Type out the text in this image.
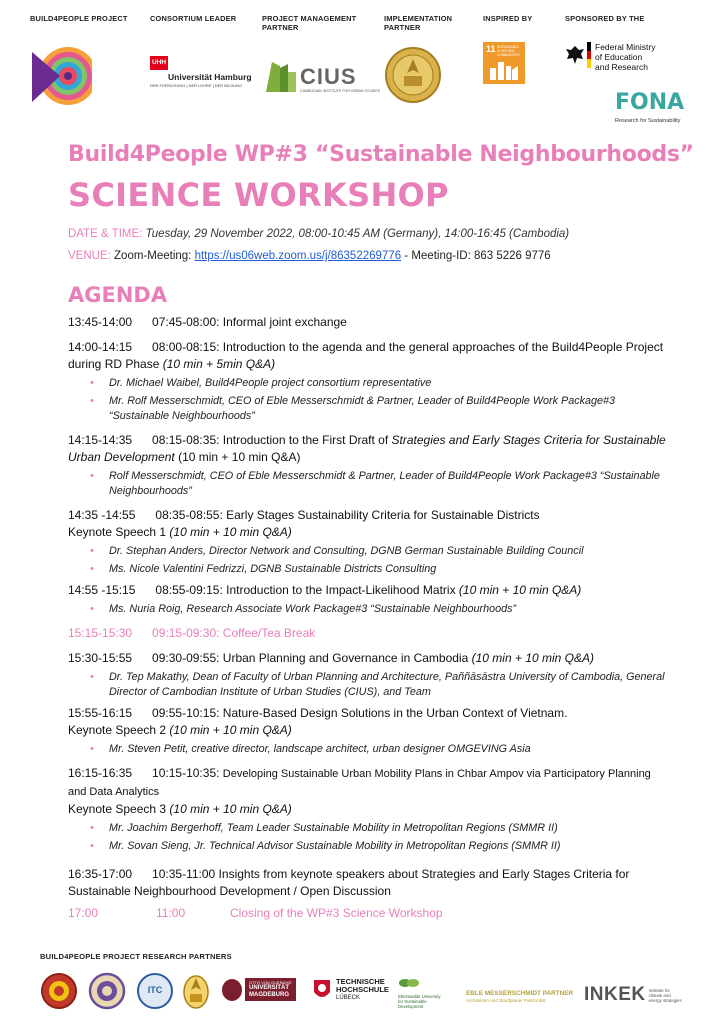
BUILD4PEOPLE PROJECT	CONSORTIUM LEADER
UHH
Universität Hamburg
DER FORSCHUNG | DER LEHRE | DER BILDUNG
PROJECT MANAGEMENT
PARTNER
CIUS
CAMBODIAN INSTITUTE FOR URBAN STUDIES
IMPLEMENTATION
PARTNER
INSPIRED BY
11 SUSTAINABLE CITIES AND COMMUNITIES
SPONSORED BY THE
Federal Ministry
of Education
and Research
FONA
Research for Sustainability
Build4People WP#3 “Sustainable Neighbourhoods”
SCIENCE WORKSHOP
DATE & TIME: Tuesday, 29 November 2022, 08:00-10:45 AM (Germany), 14:00-16:45 (Cambodia)
VENUE: Zoom-Meeting: https://us06web.zoom.us/j/86352269776 - Meeting-ID: 863 5226 9776
AGENDA
13:45-14:00      07:45-08:00: Informal joint exchange
14:00-14:15      08:00-08:15: Introduction to the agenda and the general approaches of the Build4People Project during RD Phase (10 min + 5min Q&A)
• Dr. Michael Waibel, Build4People project consortium representative
• Mr. Rolf Messerschmidt, CEO of Eble Messerschmidt & Partner, Leader of Build4People Work Package#3 “Sustainable Neighbourhoods”
14:15-14:35      08:15-08:35: Introduction to the First Draft of Strategies and Early Stages Criteria for Sustainable Urban Development (10 min + 10 min Q&A)
• Rolf Messerschmidt, CEO of Eble Messerschmidt & Partner, Leader of Build4People Work Package#3 “Sustainable Neighbourhoods”
14:35 -14:55      08:35-08:55: Early Stages Sustainability Criteria for Sustainable Districts
Keynote Speech 1 (10 min + 10 min Q&A)
• Dr. Stephan Anders, Director Network and Consulting, DGNB German Sustainable Building Council
• Ms. Nicole Valentini Fedrizzi, DGNB Sustainable Districts Consulting
14:55 -15:15      08:55-09:15: Introduction to the Impact-Likelihood Matrix (10 min + 10 min Q&A)
• Ms. Nuria Roig, Research Associate Work Package#3 “Sustainable Neighbourhoods”
15:15-15:30      09:15-09:30: Coffee/Tea Break
15:30-15:55      09:30-09:55: Urban Planning and Governance in Cambodia (10 min + 10 min Q&A)
• Dr. Tep Makathy, Dean of Faculty of Urban Planning and Architecture, Paññāsāstra University of Cambodia, General Director of Cambodian Institute of Urban Studies (CIUS), and Team
15:55-16:15      09:55-10:15: Nature-Based Design Solutions in the Urban Context of Vietnam.
Keynote Speech 2 (10 min + 10 min Q&A)
• Mr. Steven Petit, creative director, landscape architect, urban designer OMGEVING Asia
16:15-16:35      10:15-10:35: Developing Sustainable Urban Mobility Plans in Chbar Ampov via Participatory Planning and Data Analytics
Keynote Speech 3 (10 min + 10 min Q&A)
• Mr. Joachim Bergerhoff, Team Leader Sustainable Mobility in Metropolitan Regions (SMMR II)
• Mr. Sovan Sieng, Jr. Technical Advisor Sustainable Mobility in Metropolitan Regions (SMMR II)
16:35-17:00      10:35-11:00 Insights from keynote speakers about Strategies and Early Stages Criteria for Sustainable Neighbourhood Development / Open Discussion
17:00	11:00	Closing of the WP#3 Science Workshop
BUILD4PEOPLE PROJECT RESEARCH PARTNERS
ITC
OTTO VON GUERICKE
UNIVERSITÄT
MAGDEBURG
TECHNISCHE
HOCHSCHULE
LÜBECK	Eberswalde University
for Sustainable
Development
EBLE MESSERSCHMIDT PARTNER
Architekten und Stadtplaner PartGmbB	INKEK Institute for
climate and
energy strategies
